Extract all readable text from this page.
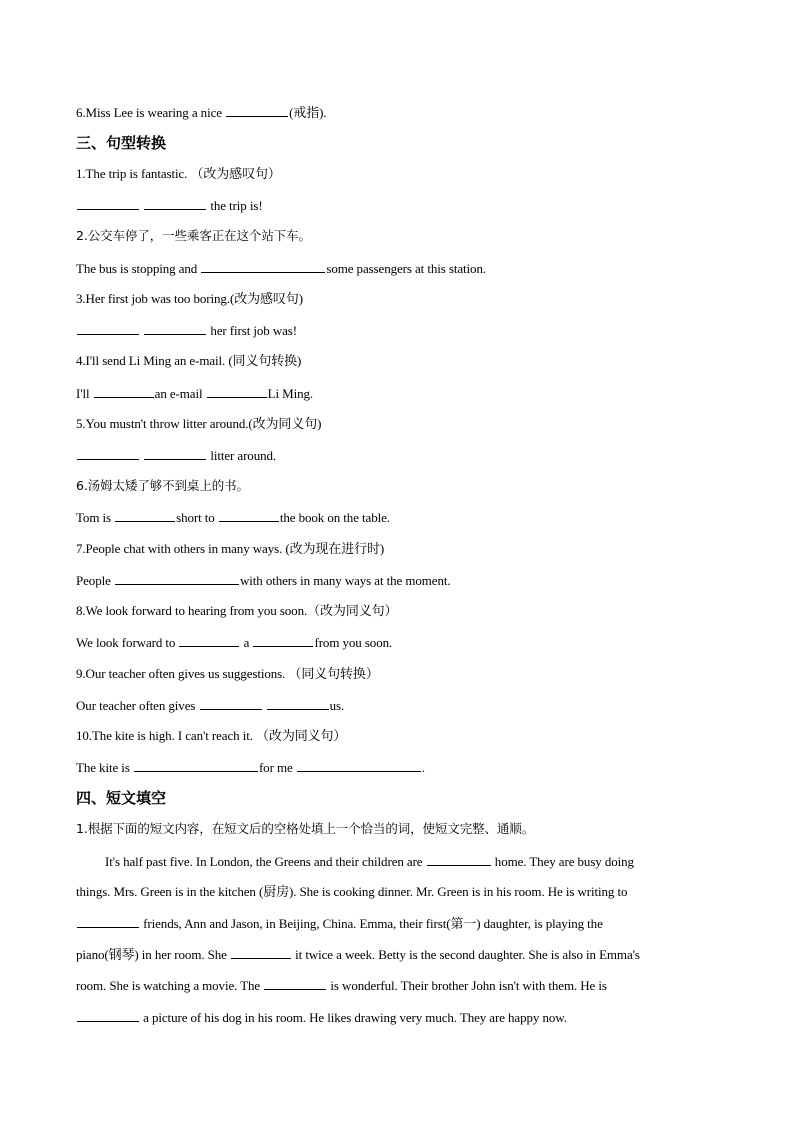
6.Miss Lee is wearing a nice	(戒指).
三、句型转换
1.The trip is fantastic. （改为感叹句）
the trip is!
2.公交车停了，一些乘客正在这个站下车。
The bus is stopping and	some passengers at this station.
3.Her first job was too boring.(改为感叹句)
her first job was!
4.I'll send Li Ming an e-mail. (同义句转换)
I'll	an e-mail	Li Ming.
5.You mustn't throw litter around.(改为同义句)
litter around.
6.汤姆太矮了够不到桌上的书。
Tom is	short to	the book on the table.
7.People chat with others in many ways. (改为现在进行时)
People	with others in many ways at the moment.
8.We look forward to hearing from you soon.（改为同义句）
We look forward to	a	from you soon.
9.Our teacher often gives us suggestions. （同义句转换）
Our teacher often gives	us.
10.The kite is high. I can't reach it. （改为同义句）
The kite is	for me	.
四、短文填空
1.根据下面的短文内容，在短文后的空格处填上一个恰当的词，使短文完整、通顺。
It's half past five. In London, the Greens and their children are	home. They are busy doing
things. Mrs. Green is in the kitchen (厨房). She is cooking dinner. Mr. Green is in his room. He is writing to
friends, Ann and Jason, in Beijing, China. Emma, their first(第一) daughter, is playing the
piano(钢琴) in her room. She	it twice a week. Betty is the second daughter. She is also in Emma's
room. She is watching a movie. The	is wonderful. Their brother John isn't with them. He is
a picture of his dog in his room. He likes drawing very much. They are happy now.
